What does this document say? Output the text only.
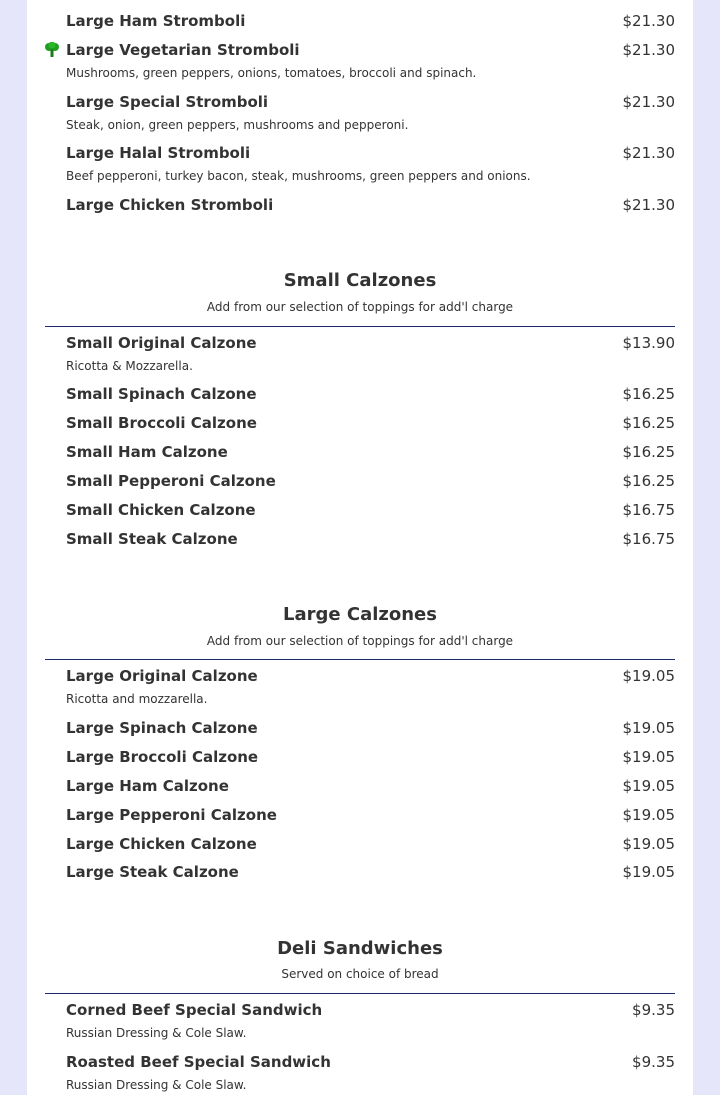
Large Ham Stromboli	$21.30
Large Vegetarian Stromboli	$21.30
Mushrooms, green peppers, onions, tomatoes, broccoli and spinach.
Large Special Stromboli	$21.30
Steak, onion, green peppers, mushrooms and pepperoni.
Large Halal Stromboli	$21.30
Beef pepperoni, turkey bacon, steak, mushrooms, green peppers and onions.
Large Chicken Stromboli	$21.30
Small Calzones
Add from our selection of toppings for add'l charge
Small Original Calzone	$13.90
Ricotta & Mozzarella.
Small Spinach Calzone	$16.25
Small Broccoli Calzone	$16.25
Small Ham Calzone	$16.25
Small Pepperoni Calzone	$16.25
Small Chicken Calzone	$16.75
Small Steak Calzone	$16.75
Large Calzones
Add from our selection of toppings for add'l charge
Large Original Calzone	$19.05
Ricotta and mozzarella.
Large Spinach Calzone	$19.05
Large Broccoli Calzone	$19.05
Large Ham Calzone	$19.05
Large Pepperoni Calzone	$19.05
Large Chicken Calzone	$19.05
Large Steak Calzone	$19.05
Deli Sandwiches
Served on choice of bread
Corned Beef Special Sandwich	$9.35
Russian Dressing & Cole Slaw.
Roasted Beef Special Sandwich	$9.35
Russian Dressing & Cole Slaw.
